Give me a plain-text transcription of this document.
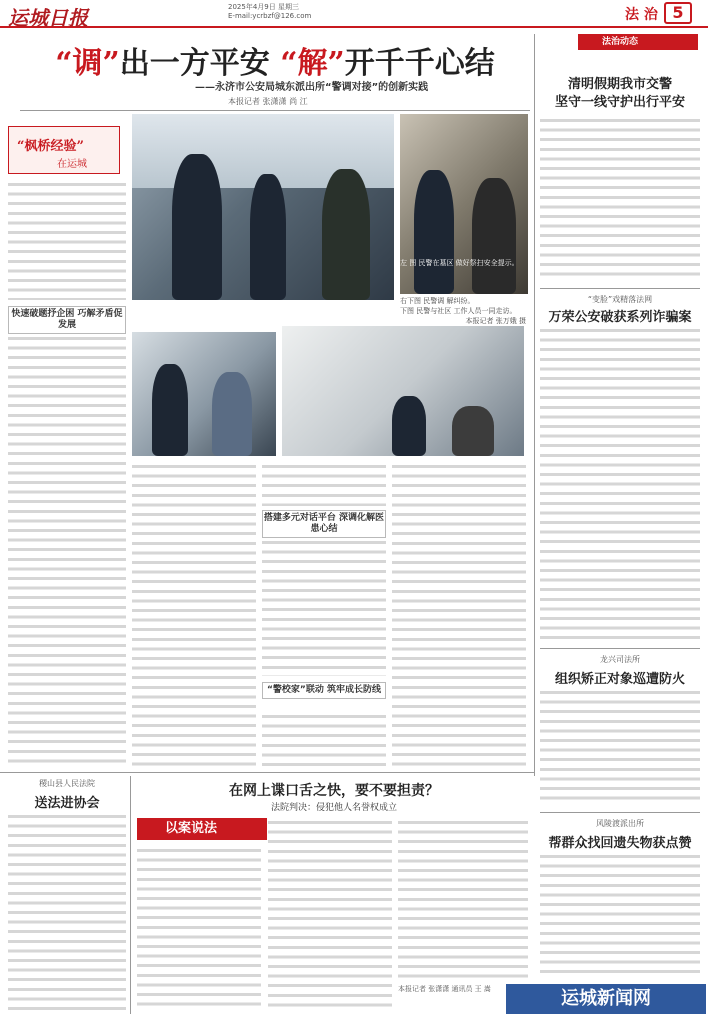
运城日报	2025年4月9日 星期三
E-mail:ycrbzf@126.com	法 治 5
“调”出一方平安 “解”开千千心结
——永济市公安局城东派出所“警调对接”的创新实践
本报记者 张潇潇 尚 江
“枫桥经验”
在运城
左 图 民警在墓区 做好祭扫安全提示。
右下图 民警调 解纠纷。
下图 民警与社区 工作人员一同走访。
本报记者 张万娥 摄
快速破题抒企困 巧解矛盾促发展
搭建多元对话平台 深调化解医患心结
“警校家”联动 筑牢成长防线
法治动态
清明假期我市交警
坚守一线守护出行平安
“变脸”戏精落法网
万荣公安破获系列诈骗案
龙兴司法所
组织矫正对象巡遭防火
风陵渡派出所
帮群众找回遗失物获点赞
稷山县人民法院
送法进协会
在网上谍口舌之快，要不要担责？
法院判决：侵犯他人名誉权成立
以案说法
本报记者 张潇潇 通讯员 王 嵩	运城新闻网
